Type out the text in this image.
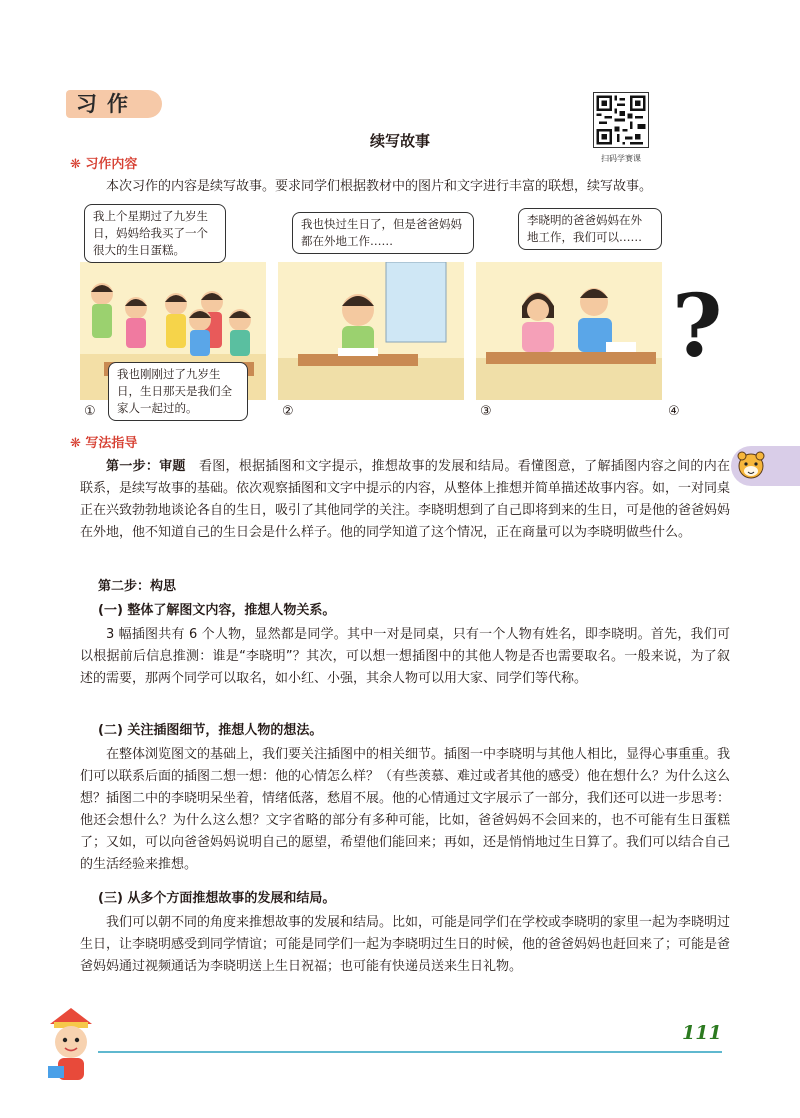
习作
扫码学赛课
续写故事
❋ 习作内容
本次习作的内容是续写故事。要求同学们根据教材中的图片和文字进行丰富的联想，续写故事。
我上个星期过了九岁生日，妈妈给我买了一个很大的生日蛋糕。
我也刚刚过了九岁生日，生日那天是我们全家人一起过的。
①
我也快过生日了，但是爸爸妈妈都在外地工作……
②
李晓明的爸爸妈妈在外地工作，我们可以……
③
?
④
❋ 写法指导
第一步：审题  看图，根据插图和文字提示，推想故事的发展和结局。看懂图意，了解插图内容之间的内在联系，是续写故事的基础。依次观察插图和文字中提示的内容，从整体上推想并简单描述故事内容。如，一对同桌正在兴致勃勃地谈论各自的生日，吸引了其他同学的关注。李晓明想到了自己即将到来的生日，可是他的爸爸妈妈在外地，他不知道自己的生日会是什么样子。他的同学知道了这个情况，正在商量可以为李晓明做些什么。
第二步：构思
(一) 整体了解图文内容，推想人物关系。
3 幅插图共有 6 个人物，显然都是同学。其中一对是同桌，只有一个人物有姓名，即李晓明。首先，我们可以根据前后信息推测：谁是“李晓明”？其次，可以想一想插图中的其他人物是否也需要取名。一般来说，为了叙述的需要，那两个同学可以取名，如小红、小强，其余人物可以用大家、同学们等代称。
(二) 关注插图细节，推想人物的想法。
在整体浏览图文的基础上，我们要关注插图中的相关细节。插图一中李晓明与其他人相比，显得心事重重。我们可以联系后面的插图二想一想：他的心情怎么样？（有些羡慕、难过或者其他的感受）他在想什么？为什么这么想？插图二中的李晓明呆坐着，情绪低落，愁眉不展。他的心情通过文字展示了一部分，我们还可以进一步思考：他还会想什么？为什么这么想？文字省略的部分有多种可能，比如，爸爸妈妈不会回来的，也不可能有生日蛋糕了；又如，可以向爸爸妈妈说明自己的愿望，希望他们能回来；再如，还是悄悄地过生日算了。我们可以结合自己的生活经验来推想。
(三) 从多个方面推想故事的发展和结局。
我们可以朝不同的角度来推想故事的发展和结局。比如，可能是同学们在学校或李晓明的家里一起为李晓明过生日，让李晓明感受到同学情谊；可能是同学们一起为李晓明过生日的时候，他的爸爸妈妈也赶回来了；可能是爸爸妈妈通过视频通话为李晓明送上生日祝福；也可能有快递员送来生日礼物。
111
